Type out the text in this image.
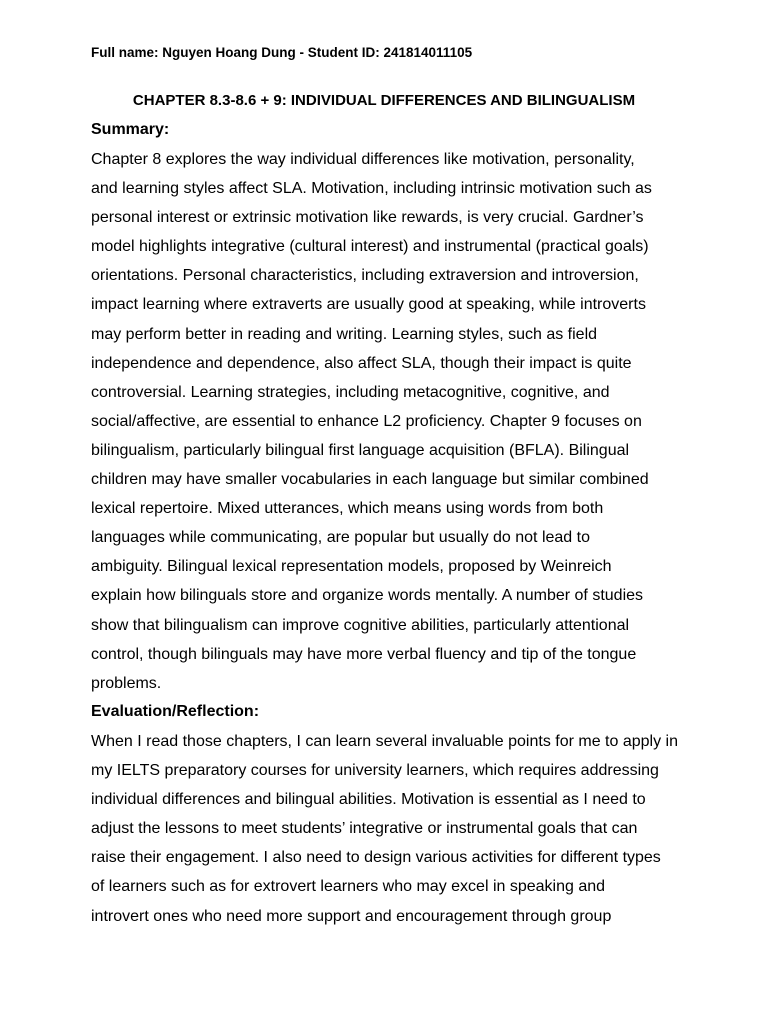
Full name: Nguyen Hoang Dung - Student ID: 241814011105
CHAPTER 8.3-8.6 + 9: INDIVIDUAL DIFFERENCES AND BILINGUALISM
Summary:
Chapter 8 explores the way individual differences like motivation, personality,
and learning styles affect SLA. Motivation, including intrinsic motivation such as
personal interest or extrinsic motivation like rewards, is very crucial. Gardner’s
model highlights integrative (cultural interest) and instrumental (practical goals)
orientations. Personal characteristics, including extraversion and introversion,
impact learning where extraverts are usually good at speaking, while introverts
may perform better in reading and writing. Learning styles, such as field
independence and dependence, also affect SLA, though their impact is quite
controversial. Learning strategies, including metacognitive, cognitive, and
social/affective, are essential to enhance L2 proficiency. Chapter 9 focuses on
bilingualism, particularly bilingual first language acquisition (BFLA). Bilingual
children may have smaller vocabularies in each language but similar combined
lexical repertoire. Mixed utterances, which means using words from both
languages while communicating, are popular but usually do not lead to
ambiguity. Bilingual lexical representation models, proposed by Weinreich
explain how bilinguals store and organize words mentally. A number of studies
show that bilingualism can improve cognitive abilities, particularly attentional
control, though bilinguals may have more verbal fluency and tip of the tongue
problems.
Evaluation/Reflection:
When I read those chapters, I can learn several invaluable points for me to apply in
my IELTS preparatory courses for university learners, which requires addressing
individual differences and bilingual abilities. Motivation is essential as I need to
adjust the lessons to meet students’ integrative or instrumental goals that can
raise their engagement. I also need to design various activities for different types
of learners such as for extrovert learners who may excel in speaking and
introvert ones who need more support and encouragement through group
